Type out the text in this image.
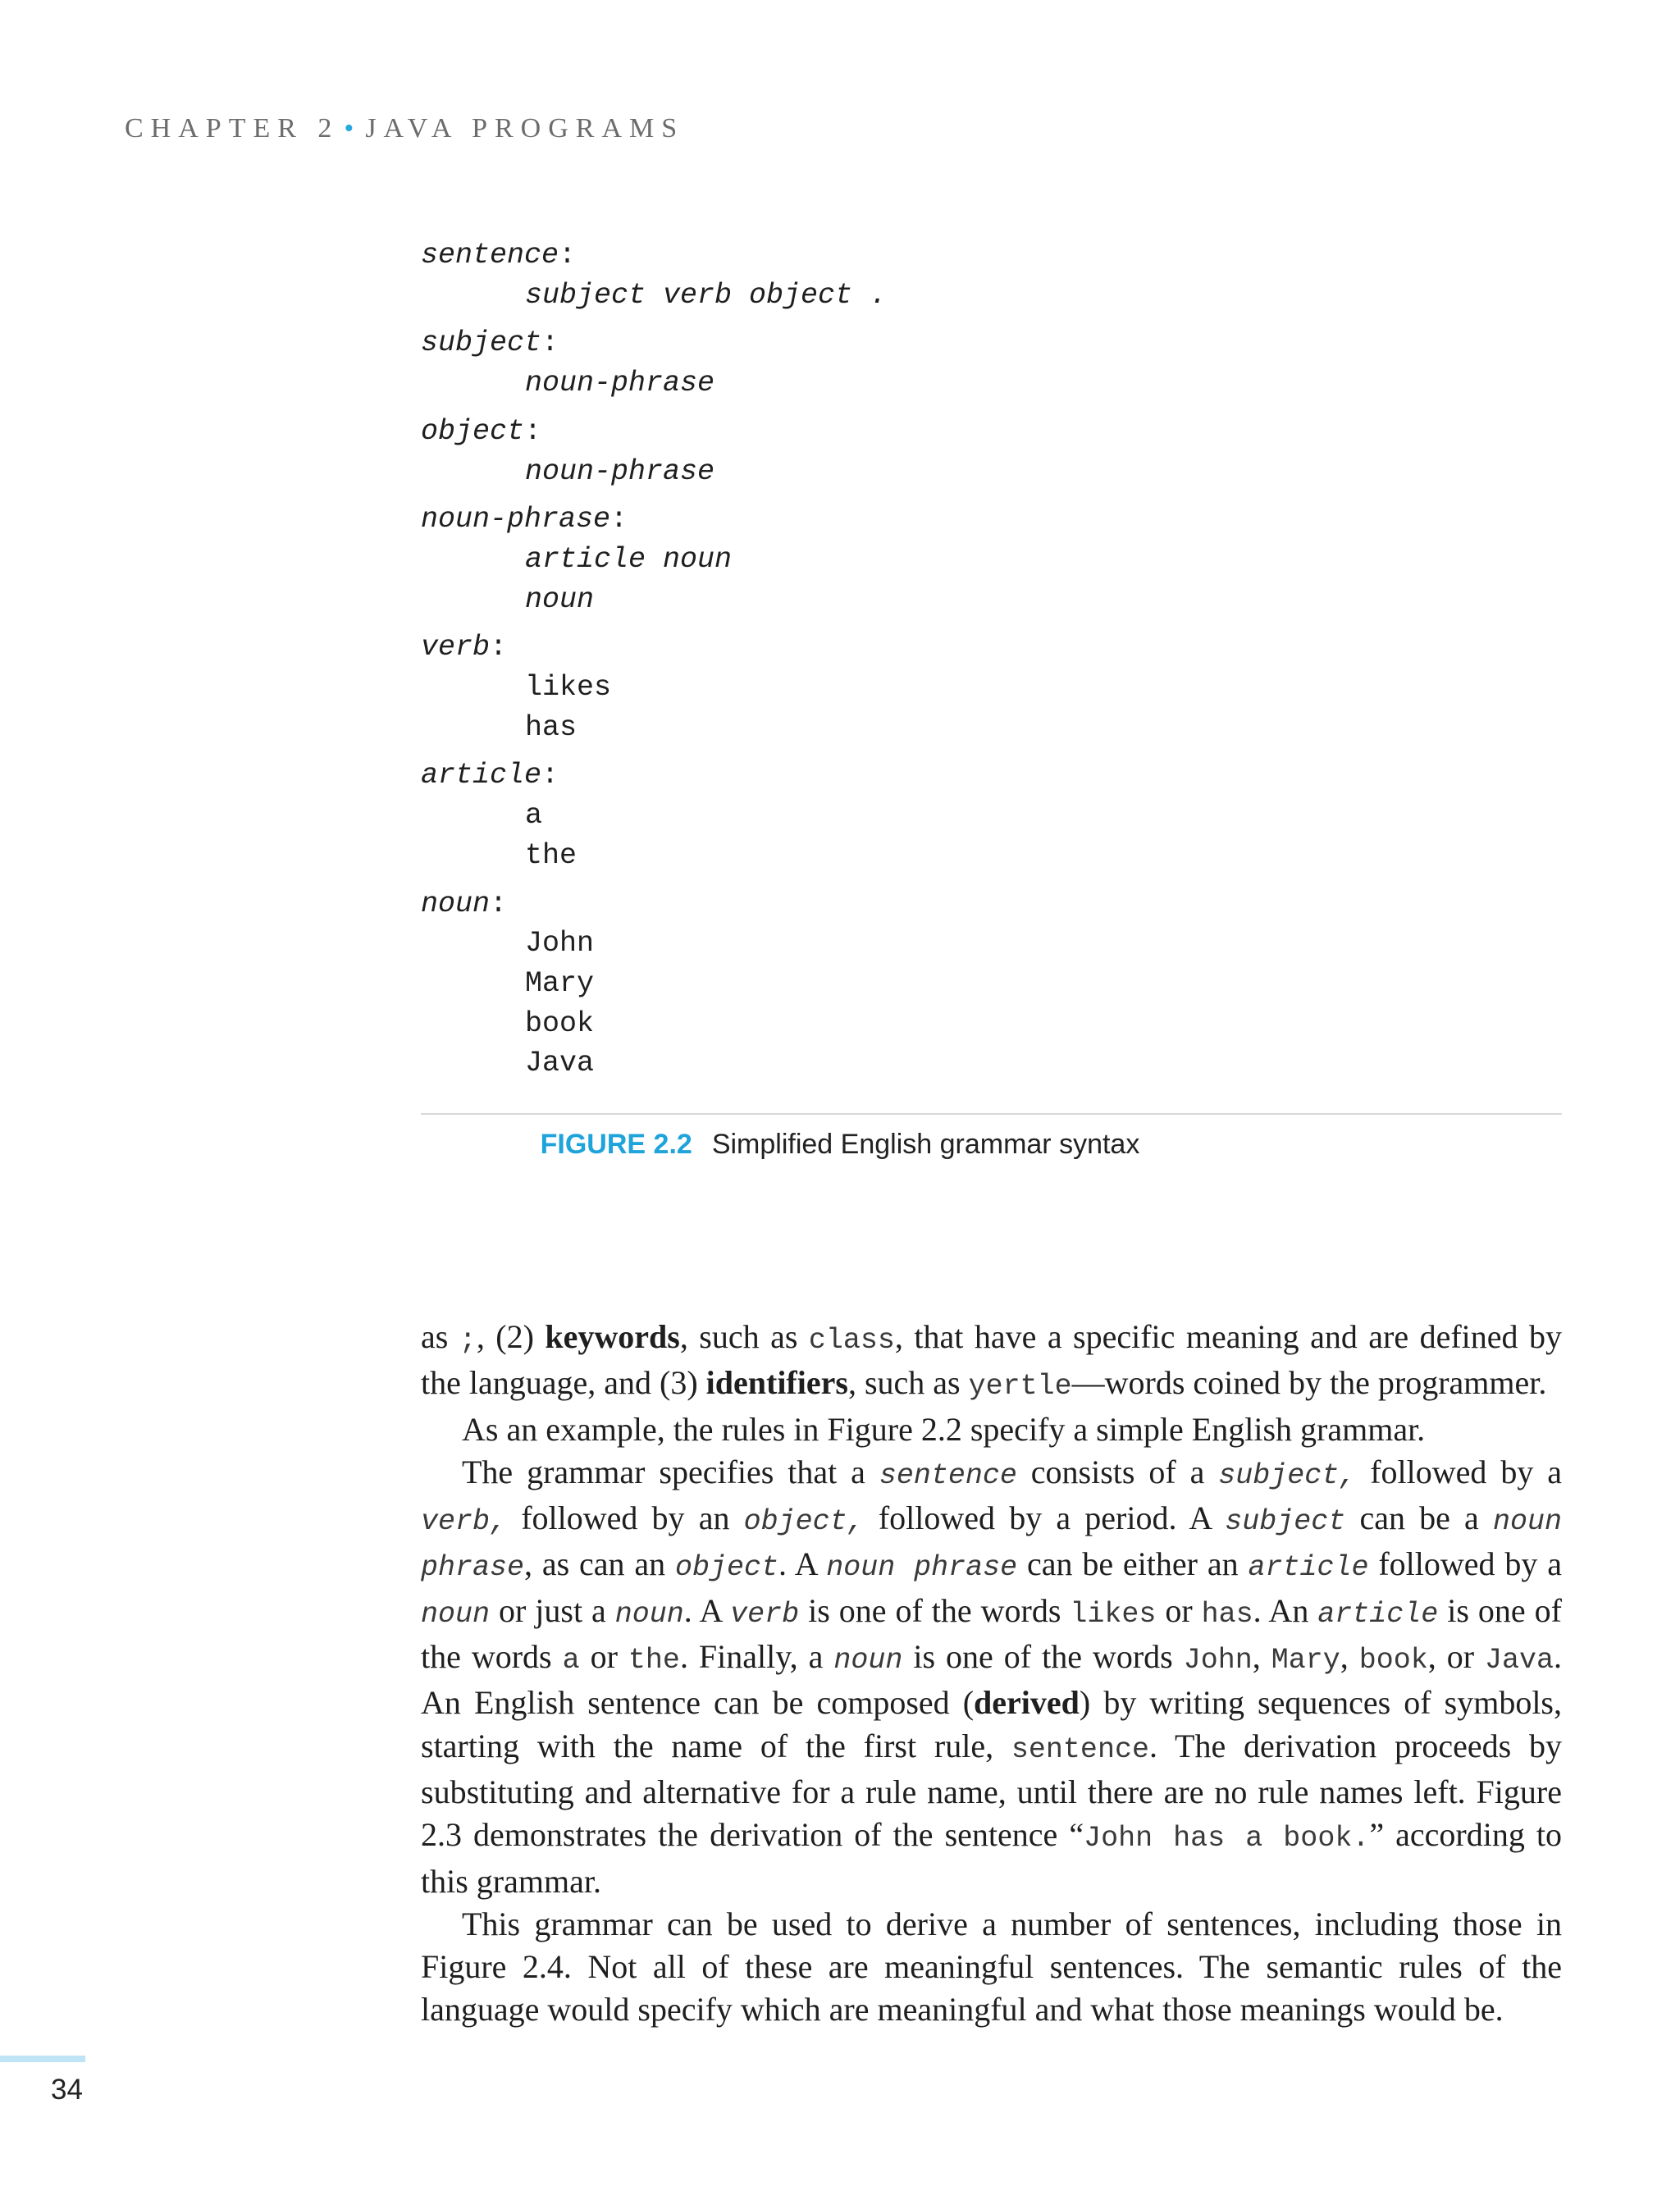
CHAPTER 2 • JAVA PROGRAMS
sentence:
subject verb object .
subject:
noun-phrase
object:
noun-phrase
noun-phrase:
article noun
noun
verb:
likes
has
article:
a
the
noun:
John
Mary
book
Java
FIGURE 2.2 Simplified English grammar syntax

as ;, (2) keywords, such as class, that have a specific meaning and are defined by the language, and (3) identifiers, such as yertle—words coined by the programmer.

As an example, the rules in Figure 2.2 specify a simple English grammar.

The grammar specifies that a sentence consists of a subject, followed by a verb, followed by an object, followed by a period. A subject can be a noun phrase, as can an object. A noun phrase can be either an article followed by a noun or just a noun. A verb is one of the words likes or has. An article is one of the words a or the. Finally, a noun is one of the words John, Mary, book, or Java. An English sentence can be composed (derived) by writing sequences of symbols, starting with the name of the first rule, sentence. The derivation proceeds by substituting and alternative for a rule name, until there are no rule names left. Figure 2.3 demonstrates the derivation of the sentence “John has a book.” according to this grammar.

This grammar can be used to derive a number of sentences, including those in Figure 2.4. Not all of these are meaningful sentences. The semantic rules of the language would specify which are meaningful and what those meanings would be.

34
